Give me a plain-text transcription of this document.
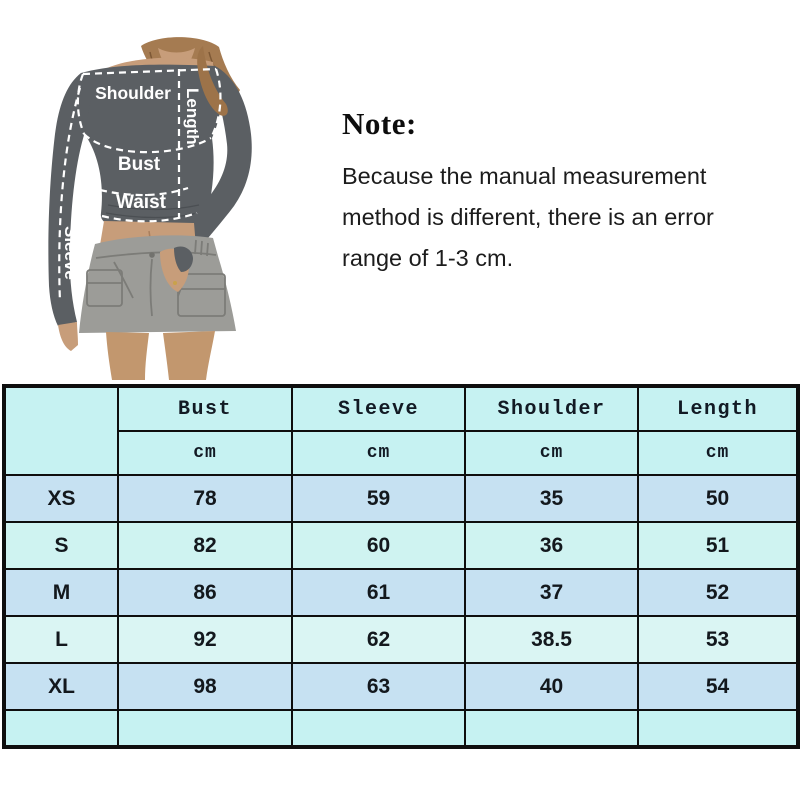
Shoulder Length
Bust
Waist
Sleeve
Note:
Because the manual measurement method is different, there is an error range of 1-3 cm.
	Bust	Sleeve	Shoulder	Length
	cm	cm	cm	cm
XS	78	59	35	50
S	82	60	36	51
M	86	61	37	52
L	92	62	38.5	53
XL	98	63	40	54
